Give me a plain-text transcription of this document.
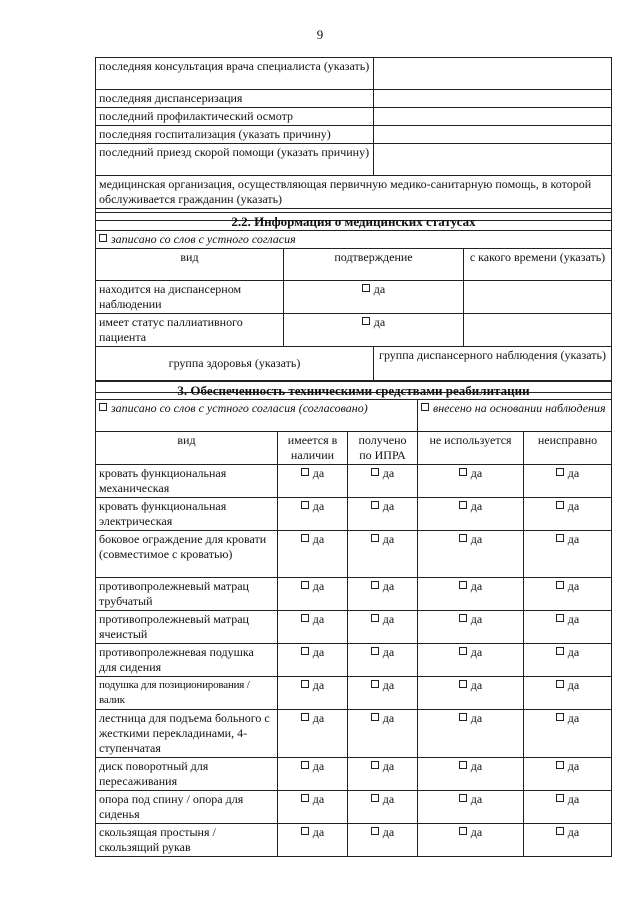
9
последняя консультация врача специалиста (указать)	
последняя диспансеризация	
последний профилактический осмотр	
последняя госпитализация (указать причину)	
последний приезд скорой помощи (указать причину)	
медицинская организация, осуществляющая первичную медико-санитарную помощь, в которой обслуживается гражданин (указать)	

2.2. Информация о медицинских статусах			
записано со слов с устного согласия			
вид	подтверждение		с какого времени (указать)
находится на диспансерном наблюдении	да		
имеет статус паллиативного пациента	да		
группа здоровья (указать)		группа диспансерного наблюдения (указать)	

3. Обеспеченность техническими средствами реабилитации				
записано со слов с устного согласия (согласовано)			внесено на основании наблюдения	
вид	имеется в наличии	получено по ИПРА	не используется	неисправно
кровать функциональная механическая	да	да	да	да
кровать функциональная электрическая	да	да	да	да
боковое ограждение для кровати (совместимое с кроватью)	да	да	да	да
противопролежневый матрац трубчатый	да	да	да	да
противопролежневый матрац ячеистый	да	да	да	да
противопролежневая подушка для сидения	да	да	да	да
подушка для позиционирования / валик	да	да	да	да
лестница для подъема больного с жесткими перекладинами, 4-ступенчатая	да	да	да	да
диск поворотный для пересаживания	да	да	да	да
опора под спину / опора для сиденья	да	да	да	да
скользящая простыня / скользящий рукав	да	да	да	да
